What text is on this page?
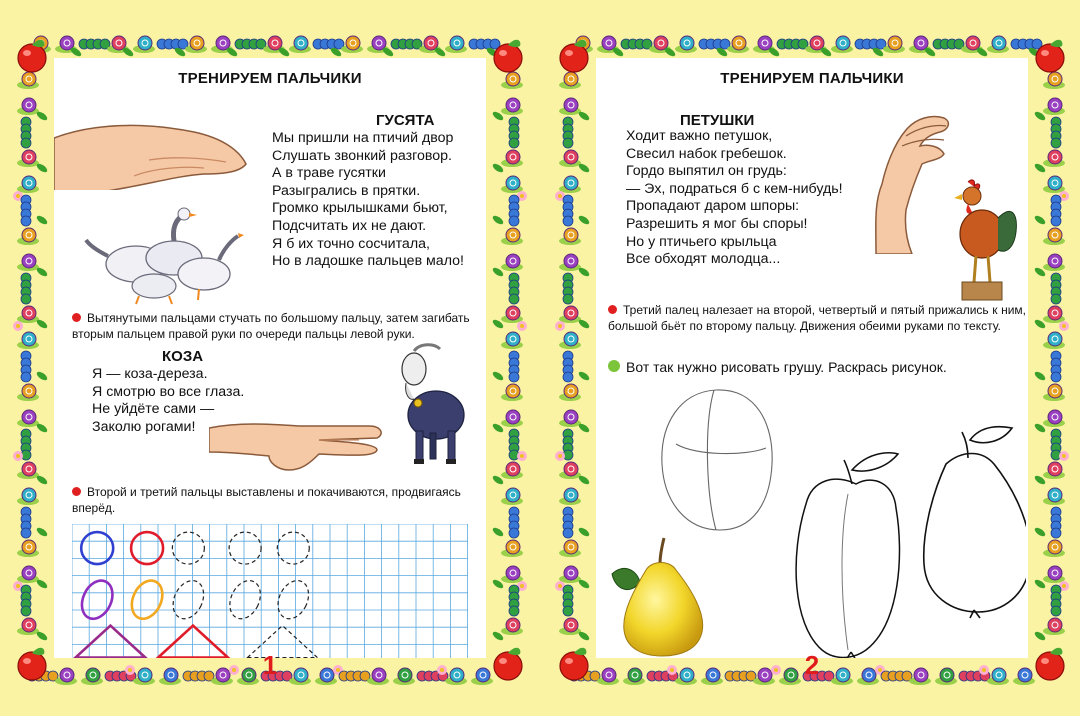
ТРЕНИРУЕМ ПАЛЬЧИКИ
ГУСЯТА
Мы пришли на птичий двор
Слушать звонкий разговор.
А в траве гусятки
Разыгрались в прятки.
Громко крылышками бьют,
Подсчитать их не дают.
Я б их точно сосчитала,
Но в ладошке пальцев мало!
Вытянутыми пальцами стучать по большому пальцу, затем загибать вторым пальцем правой руки по очереди пальцы левой руки.
КОЗА
Я — коза-дереза.
Я смотрю во все глаза.
Не уйдёте сами —
Заколю рогами!
Второй и третий пальцы выставлены и покачиваются, продвигаясь вперёд.
1
ТРЕНИРУЕМ ПАЛЬЧИКИ
ПЕТУШКИ
Ходит важно петушок,
Свесил набок гребешок.
Гордо выпятил он грудь:
— Эх, подраться б с кем-нибудь!
Пропадают даром шпоры:
Разрешить я мог бы споры!
Но у птичьего крыльца
Все обходят молодца...
Третий палец налезает на второй, четвертый и пятый прижались к ним, большой бьёт по второму пальцу. Движения обеими руками по тексту.
Вот так нужно рисовать грушу. Раскрась рисунок.
2
